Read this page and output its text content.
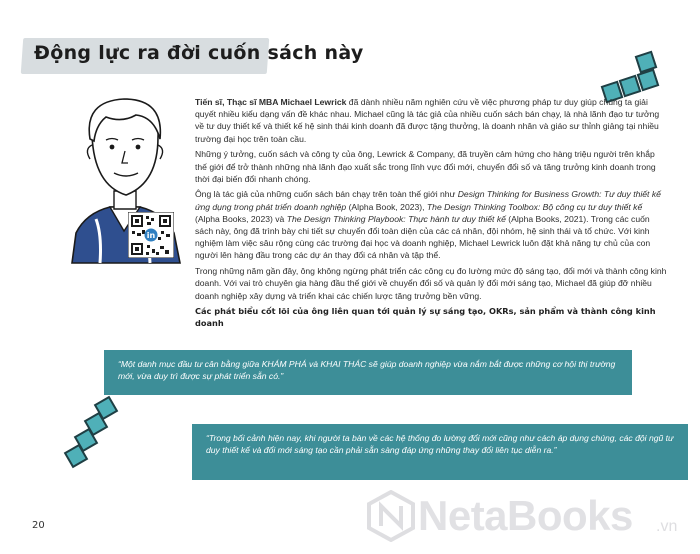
Động lực ra đời cuốn sách này
in

Tiến sĩ, Thạc sĩ MBA Michael Lewrick đã dành nhiều năm nghiên cứu về việc phương pháp tư duy giúp chúng ta giải quyết nhiều kiểu dạng vấn đề khác nhau. Michael cũng là tác giả của nhiều cuốn sách bán chạy, là nhà lãnh đạo tư tưởng về tư duy thiết kế và thiết kế hệ sinh thái kinh doanh đã được tặng thưởng, là doanh nhân và giáo sư thỉnh giảng tại nhiều trường đại học trên toàn cầu.

Những ý tưởng, cuốn sách và công ty của ông, Lewrick & Company, đã truyền cảm hứng cho hàng triệu người trên khắp thế giới để trở thành những nhà lãnh đạo xuất sắc trong lĩnh vực đổi mới, chuyển đổi số và tăng trưởng kinh doanh trong thời đại biến đổi nhanh chóng.

Ông là tác giả của những cuốn sách bán chạy trên toàn thế giới như Design Thinking for Business Growth: Tư duy thiết kế ứng dụng trong phát triển doanh nghiệp (Alpha Book, 2023), The Design Thinking Toolbox: Bộ công cụ tư duy thiết kế (Alpha Books, 2023) và The Design Thinking Playbook: Thực hành tư duy thiết kế (Alpha Books, 2021). Trong các cuốn sách này, ông đã trình bày chi tiết sự chuyển đổi toàn diện của các cá nhân, đội nhóm, hệ sinh thái và tổ chức. Với kinh nghiệm làm việc sâu rộng cùng các trường đại học và doanh nghiệp, Michael Lewrick luôn đặt khả năng tự chủ của con người lên hàng đầu trong các dự án thay đổi cá nhân và tập thể.

Trong những năm gần đây, ông không ngừng phát triển các công cụ đo lường mức độ sáng tạo, đổi mới và thành công kinh doanh. Với vai trò chuyên gia hàng đầu thế giới về chuyển đổi số và quản lý đổi mới sáng tạo, Michael đã giúp đỡ nhiều doanh nghiệp xây dựng và triển khai các chiến lược tăng trưởng bền vững.

Các phát biểu cốt lõi của ông liên quan tới quản lý sự sáng tạo, OKRs, sản phẩm và thành công kinh doanh

“Một danh mục đầu tư cân bằng giữa KHÁM PHÁ và KHAI THÁC sẽ giúp doanh nghiệp vừa nắm bắt được những cơ hội thị trường mới, vừa duy trì được sự phát triển sẵn có.”
“Trong bối cảnh hiện nay, khi người ta bàn về các hệ thống đo lường đổi mới cũng như cách áp dụng chúng, các đội ngũ tư duy thiết kế và đổi mới sáng tạo cần phải sẵn sàng đáp ứng những thay đổi liên tục diễn ra.”
20	NetaBooks .vn
